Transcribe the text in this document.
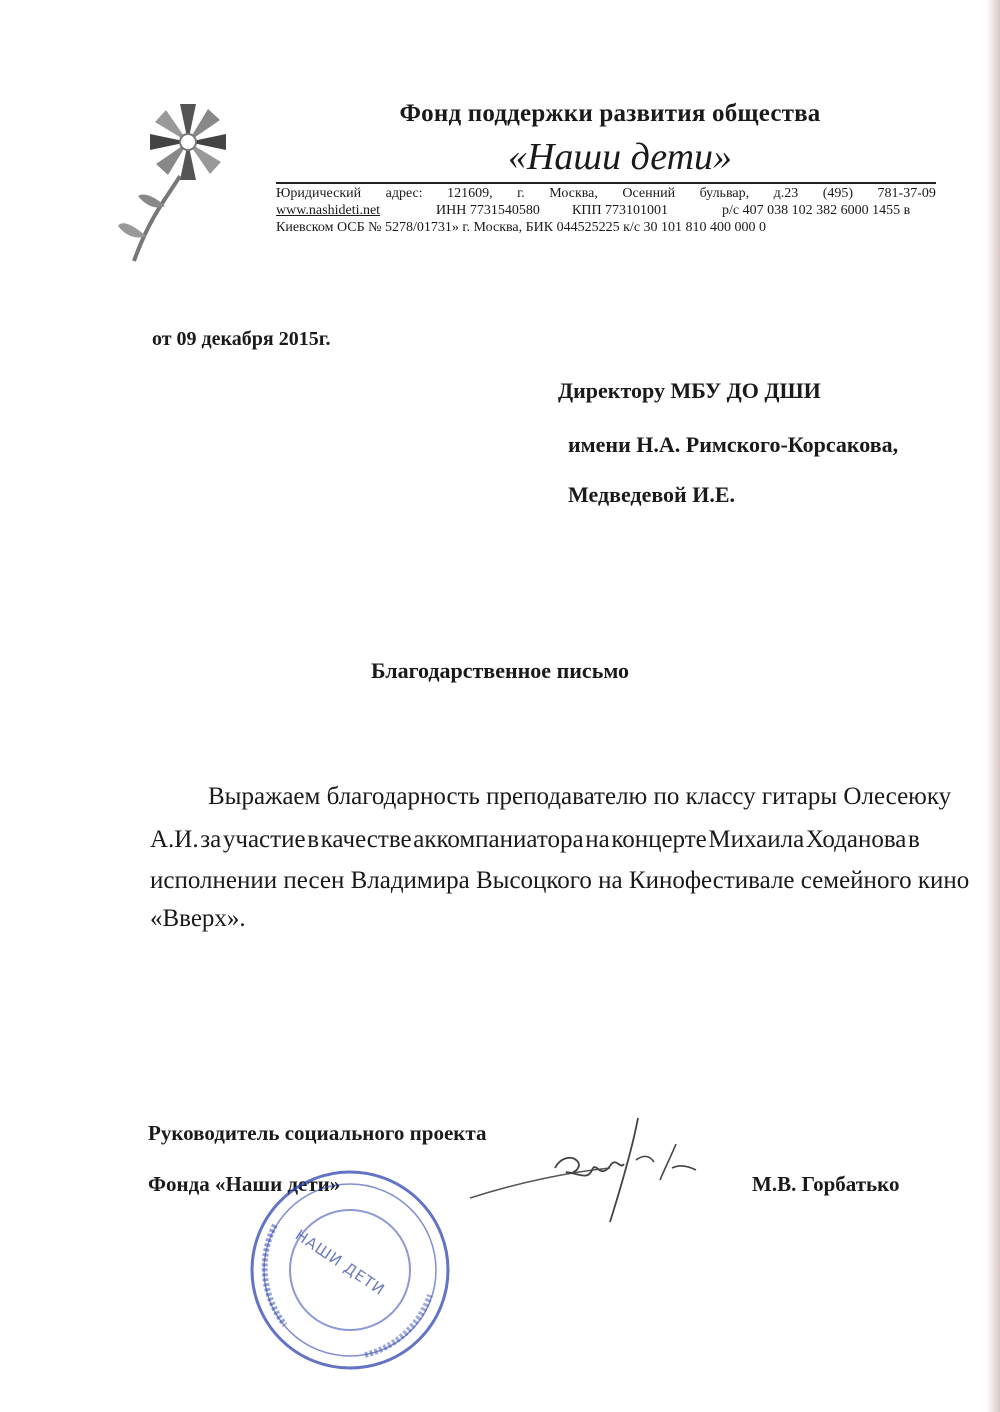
Фонд поддержки развития общества
«Наши дети»
Юридический адрес: 121609, г. Москва, Осенний бульвар, д.23 (495) 781-37-09
www.nashideti.net	ИНН 7731540580 КПП 773101001	р/с 407 038 102 382 6000 1455 в
Киевском ОСБ № 5278/01731» г. Москва, БИК 044525225 к/с 30 101 810 400 000 0
от 09 декабря 2015г.
Директору МБУ ДО ДШИ
имени Н.А. Римского-Корсакова,
Медведевой И.Е.
Благодарственное письмо
Выражаем благодарность преподавателю по классу гитары Олесеюку
А.И. за участие в качестве аккомпаниатора на концерте Михаила Ходанова в
исполнении песен Владимира Высоцкого на Кинофестивале семейного кино
«Вверх».
Руководитель социального проекта
Фонда «Наши дети»	М.В. Горбатько
НАШИ ДЕТИ
